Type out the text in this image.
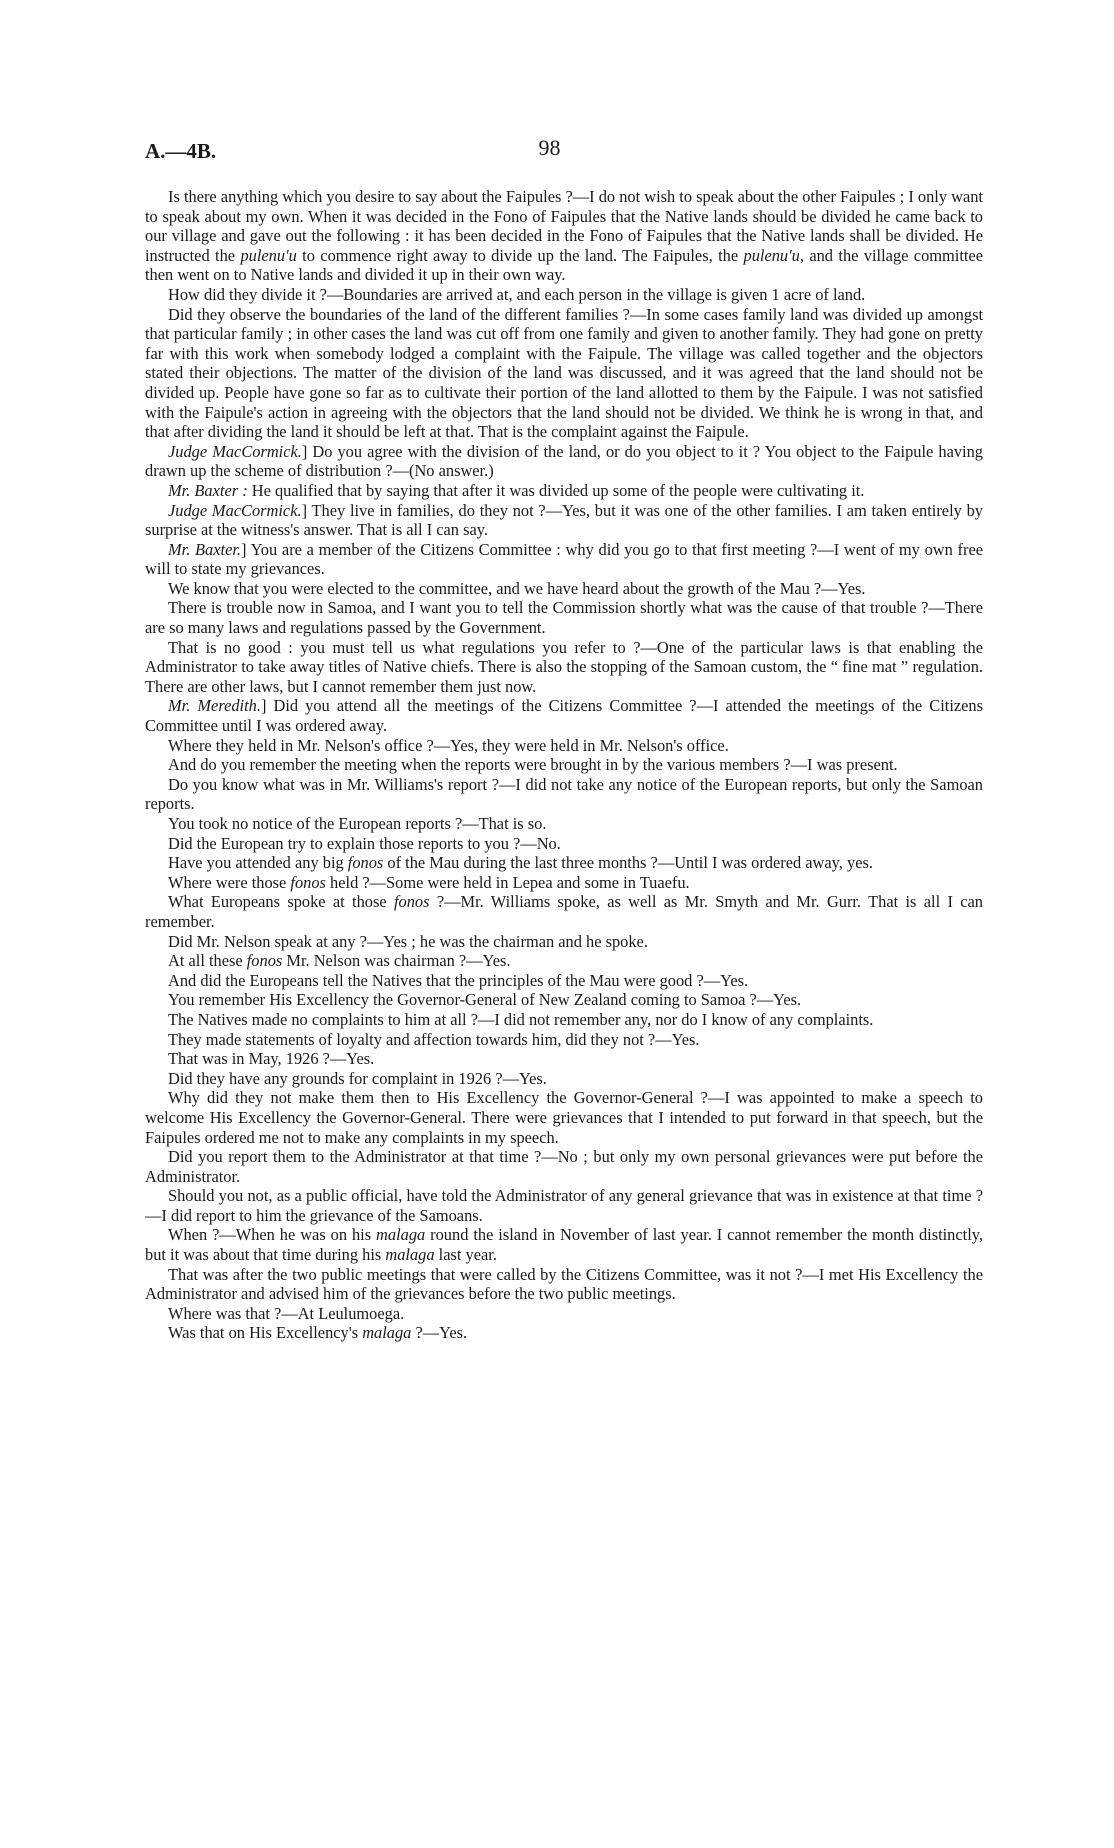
A.—4B.	98

Is there anything which you desire to say about the Faipules ?—I do not wish to speak about the other Faipules ; I only want to speak about my own. When it was decided in the Fono of Faipules that the Native lands should be divided he came back to our village and gave out the following : it has been decided in the Fono of Faipules that the Native lands shall be divided. He instructed the pulenu'u to commence right away to divide up the land. The Faipules, the pulenu'u, and the village committee then went on to Native lands and divided it up in their own way.

How did they divide it ?—Boundaries are arrived at, and each person in the village is given 1 acre of land.

Did they observe the boundaries of the land of the different families ?—In some cases family land was divided up amongst that particular family ; in other cases the land was cut off from one family and given to another family. They had gone on pretty far with this work when somebody lodged a complaint with the Faipule. The village was called together and the objectors stated their objections. The matter of the division of the land was discussed, and it was agreed that the land should not be divided up. People have gone so far as to cultivate their portion of the land allotted to them by the Faipule. I was not satisfied with the Faipule's action in agreeing with the objectors that the land should not be divided. We think he is wrong in that, and that after dividing the land it should be left at that. That is the complaint against the Faipule.

Judge MacCormick.] Do you agree with the division of the land, or do you object to it ? You object to the Faipule having drawn up the scheme of distribution ?—(No answer.)

Mr. Baxter : He qualified that by saying that after it was divided up some of the people were cultivating it.

Judge MacCormick.] They live in families, do they not ?—Yes, but it was one of the other families. I am taken entirely by surprise at the witness's answer. That is all I can say.

Mr. Baxter.] You are a member of the Citizens Committee : why did you go to that first meeting ?—I went of my own free will to state my grievances.

We know that you were elected to the committee, and we have heard about the growth of the Mau ?—Yes.

There is trouble now in Samoa, and I want you to tell the Commission shortly what was the cause of that trouble ?—There are so many laws and regulations passed by the Government.

That is no good : you must tell us what regulations you refer to ?—One of the particular laws is that enabling the Administrator to take away titles of Native chiefs. There is also the stopping of the Samoan custom, the “ fine mat ” regulation. There are other laws, but I cannot remember them just now.

Mr. Meredith.] Did you attend all the meetings of the Citizens Committee ?—I attended the meetings of the Citizens Committee until I was ordered away.

Where they held in Mr. Nelson's office ?—Yes, they were held in Mr. Nelson's office.

And do you remember the meeting when the reports were brought in by the various members ?—I was present.

Do you know what was in Mr. Williams's report ?—I did not take any notice of the European reports, but only the Samoan reports.

You took no notice of the European reports ?—That is so.

Did the European try to explain those reports to you ?—No.

Have you attended any big fonos of the Mau during the last three months ?—Until I was ordered away, yes.

Where were those fonos held ?—Some were held in Lepea and some in Tuaefu.

What Europeans spoke at those fonos ?—Mr. Williams spoke, as well as Mr. Smyth and Mr. Gurr. That is all I can remember.

Did Mr. Nelson speak at any ?—Yes ; he was the chairman and he spoke.

At all these fonos Mr. Nelson was chairman ?—Yes.

And did the Europeans tell the Natives that the principles of the Mau were good ?—Yes.

You remember His Excellency the Governor-General of New Zealand coming to Samoa ?—Yes.

The Natives made no complaints to him at all ?—I did not remember any, nor do I know of any complaints.

They made statements of loyalty and affection towards him, did they not ?—Yes.

That was in May, 1926 ?—Yes.

Did they have any grounds for complaint in 1926 ?—Yes.

Why did they not make them then to His Excellency the Governor-General ?—I was appointed to make a speech to welcome His Excellency the Governor-General. There were grievances that I intended to put forward in that speech, but the Faipules ordered me not to make any complaints in my speech.

Did you report them to the Administrator at that time ?—No ; but only my own personal grievances were put before the Administrator.

Should you not, as a public official, have told the Administrator of any general grievance that was in existence at that time ?—I did report to him the grievance of the Samoans.

When ?—When he was on his malaga round the island in November of last year. I cannot remember the month distinctly, but it was about that time during his malaga last year.

That was after the two public meetings that were called by the Citizens Committee, was it not ?—I met His Excellency the Administrator and advised him of the grievances before the two public meetings.

Where was that ?—At Leulumoega.

Was that on His Excellency's malaga ?—Yes.
